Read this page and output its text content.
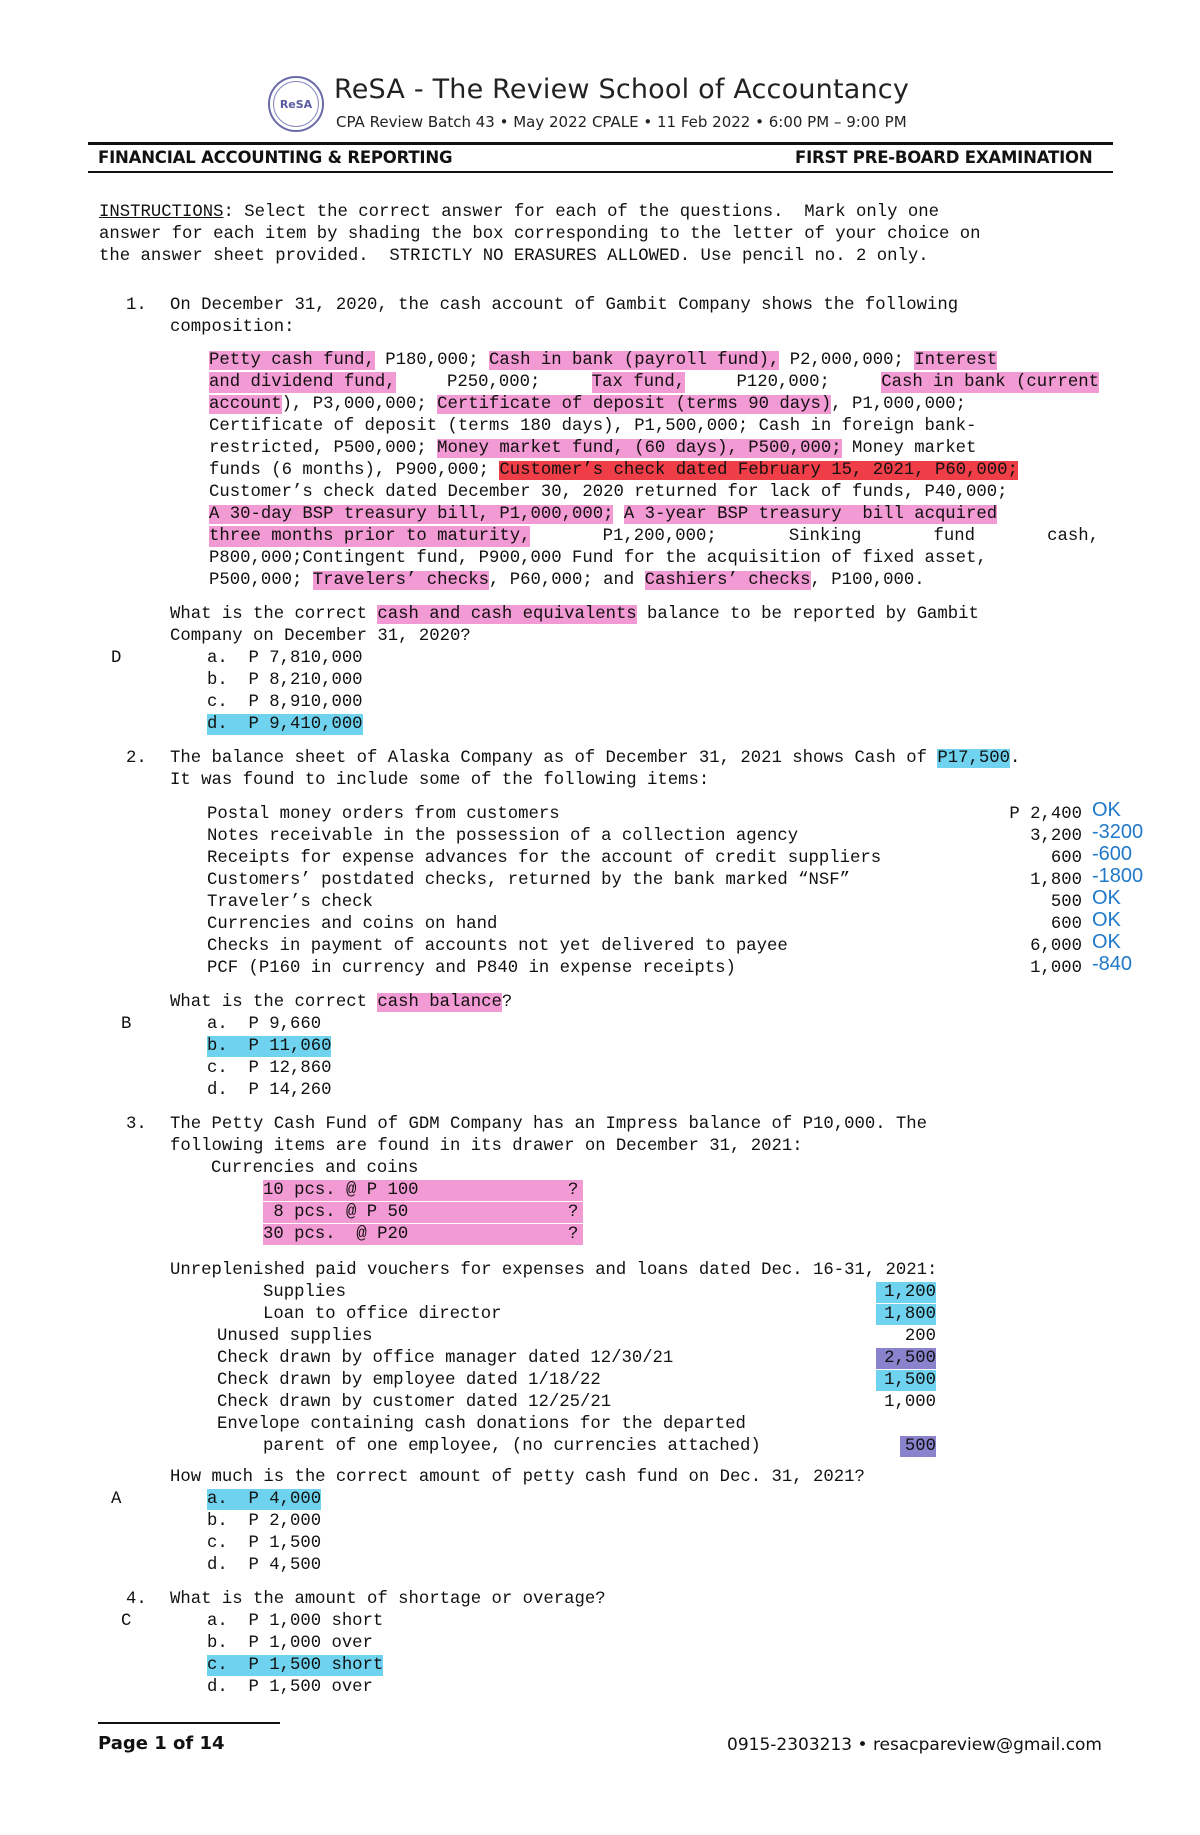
ReSA ReSA - The Review School of Accountancy
CPA Review Batch 43 • May 2022 CPALE • 11 Feb 2022 • 6:00 PM – 9:00 PM
FINANCIAL ACCOUNTING & REPORTING	FIRST PRE-BOARD EXAMINATION
INSTRUCTIONS: Select the correct answer for each of the questions.  Mark only one
answer for each item by shading the box corresponding to the letter of your choice on
the answer sheet provided.  STRICTLY NO ERASURES ALLOWED. Use pencil no. 2 only.
1. On December 31, 2020, the cash account of Gambit Company shows the following
composition:
Petty cash fund, P180,000; Cash in bank (payroll fund), P2,000,000; Interest
and dividend fund,	P250,000;	Tax fund,	P120,000;	Cash in bank (current
account), P3,000,000; Certificate of deposit (terms 90 days), P1,000,000;
Certificate of deposit (terms 180 days), P1,500,000; Cash in foreign bank-
restricted, P500,000; Money market fund, (60 days), P500,000; Money market
funds (6 months), P900,000; Customer’s check dated February 15, 2021, P60,000;
Customer’s check dated December 30, 2020 returned for lack of funds, P40,000;
A 30-day BSP treasury bill, P1,000,000; A 3-year BSP treasury  bill acquired
three months prior to maturity,	P1,200,000;	Sinking	fund	cash,
P800,000;Contingent fund, P900,000 Fund for the acquisition of fixed asset,
P500,000; Travelers’ checks, P60,000; and Cashiers’ checks, P100,000.
What is the correct cash and cash equivalents balance to be reported by Gambit
Company on December 31, 2020?
D	a.  P 7,810,000
b.  P 8,210,000
c.  P 8,910,000
d.  P 9,410,000
2. The balance sheet of Alaska Company as of December 31, 2021 shows Cash of P17,500.
It was found to include some of the following items:
Postal money orders from customers	P 2,400 OK
Notes receivable in the possession of a collection agency	3,200 -3200
Receipts for expense advances for the account of credit suppliers	600 -600
Customers’ postdated checks, returned by the bank marked “NSF”	1,800 -1800
Traveler’s check	500 OK
Currencies and coins on hand	600 OK
Checks in payment of accounts not yet delivered to payee	6,000 OK
PCF (P160 in currency and P840 in expense receipts)	1,000 -840
What is the correct cash balance?
B	a.  P 9,660
b.  P 11,060
c.  P 12,860
d.  P 14,260
3. The Petty Cash Fund of GDM Company has an Impress balance of P10,000. The
following items are found in its drawer on December 31, 2021:
Currencies and coins
10 pcs. @ P 100	?
8 pcs. @ P 50	?
30 pcs.  @ P20	?
Unreplenished paid vouchers for expenses and loans dated Dec. 16-31, 2021:
Supplies	1,200
Loan to office director	1,800
Unused supplies	200
Check drawn by office manager dated 12/30/21	2,500
Check drawn by employee dated 1/18/22	1,500
Check drawn by customer dated 12/25/21	1,000
Envelope containing cash donations for the departed
parent of one employee, (no currencies attached)	500
How much is the correct amount of petty cash fund on Dec. 31, 2021?
A	a.  P 4,000
b.  P 2,000
c.  P 1,500
d.  P 4,500
4. What is the amount of shortage or overage?
C	a.  P 1,000 short
b.  P 1,000 over
c.  P 1,500 short
d.  P 1,500 over
Page 1 of 14	0915-2303213 • resacpareview@gmail.com
